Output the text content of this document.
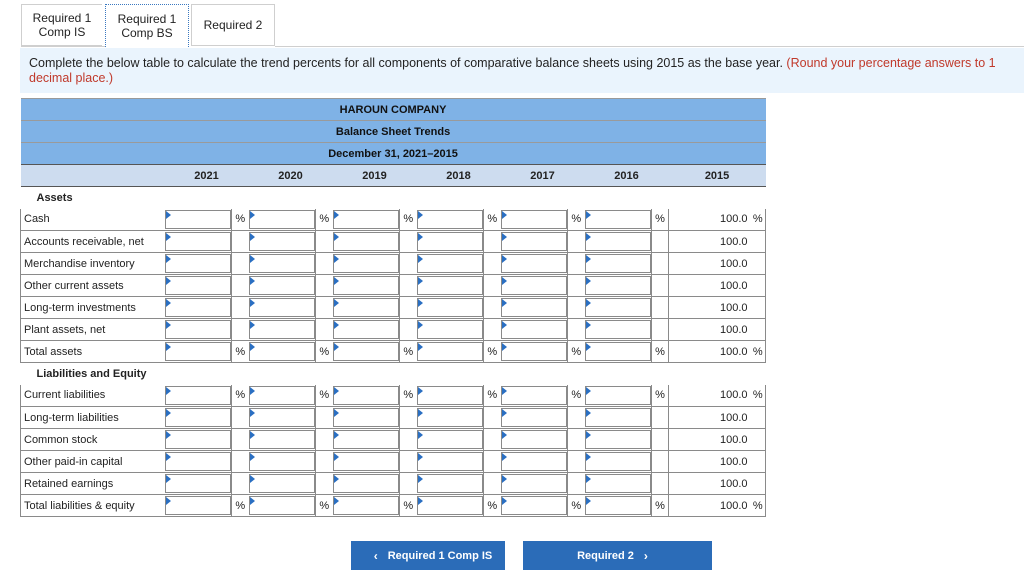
Required 1
Comp IS
Required 1
Comp BS
Required 2
Complete the below table to calculate the trend percents for all components of comparative balance sheets using 2015 as the base year. (Round your percentage answers to 1 decimal place.)
HAROUN COMPANY														
Balance Sheet Trends														
December 31, 2021–2015														
	2021		2020		2019		2018		2017		2016		2015	
Assets														
Cash		%		%		%		%		%		%	100.0	%
Accounts receivable, net													100.0	
Merchandise inventory													100.0	
Other current assets													100.0	
Long-term investments													100.0	
Plant assets, net													100.0	
Total assets		%		%		%		%		%		%	100.0	%
Liabilities and Equity														
Current liabilities		%		%		%		%		%		%	100.0	%
Long-term liabilities													100.0	
Common stock													100.0	
Other paid-in capital													100.0	
Retained earnings													100.0	
Total liabilities & equity		%		%		%		%		%		%	100.0	%
‹ Required 1 Comp IS	Required 2 ›
